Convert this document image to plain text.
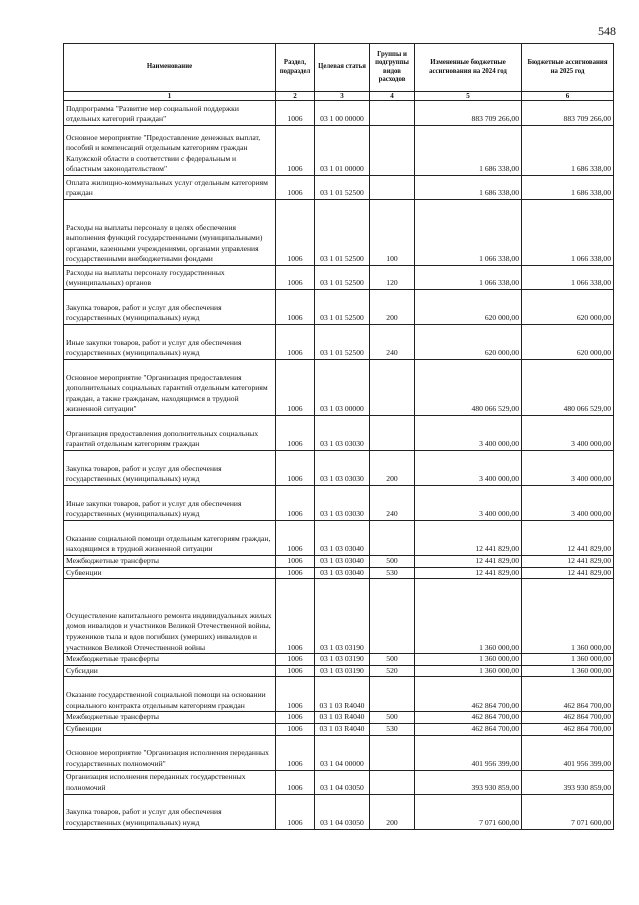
548
Наименование	Раздел, подраздел	Целевая статья	Группы и подгруппы видов расходов	Измененные бюджетные ассигнования на 2024 год	Бюджетные ассигнования на 2025 год
1	2	3	4	5	6
Подпрограмма "Развитие мер социальной поддержки отдельных категорий граждан"	1006	03 1 00 00000		883 709 266,00	883 709 266,00
Основное мероприятие "Предоставление денежных выплат, пособий и компенсаций отдельным категориям граждан Калужской области в соответствии с федеральным и областным законодательством"	1006	03 1 01 00000		1 686 338,00	1 686 338,00
Оплата жилищно-коммунальных услуг отдельным категориям граждан	1006	03 1 01 52500		1 686 338,00	1 686 338,00
Расходы на выплаты персоналу в целях обеспечения выполнения функций государственными (муниципальными) органами, казенными учреждениями, органами управления государственными внебюджетными фондами	1006	03 1 01 52500	100	1 066 338,00	1 066 338,00
Расходы на выплаты персоналу государственных (муниципальных) органов	1006	03 1 01 52500	120	1 066 338,00	1 066 338,00
Закупка товаров, работ и услуг для обеспечения государственных (муниципальных) нужд	1006	03 1 01 52500	200	620 000,00	620 000,00
Иные закупки товаров, работ и услуг для обеспечения государственных (муниципальных) нужд	1006	03 1 01 52500	240	620 000,00	620 000,00
Основное мероприятие "Организация предоставления дополнительных социальных гарантий отдельным категориям граждан, а также гражданам, находящимся в трудной жизненной ситуации"	1006	03 1 03 00000		480 066 529,00	480 066 529,00
Организация предоставления дополнительных социальных гарантий отдельным категориям граждан	1006	03 1 03 03030		3 400 000,00	3 400 000,00
Закупка товаров, работ и услуг для обеспечения государственных (муниципальных) нужд	1006	03 1 03 03030	200	3 400 000,00	3 400 000,00
Иные закупки товаров, работ и услуг для обеспечения государственных (муниципальных) нужд	1006	03 1 03 03030	240	3 400 000,00	3 400 000,00
Оказание социальной помощи отдельным категориям граждан, находящимся в трудной жизненной ситуации	1006	03 1 03 03040		12 441 829,00	12 441 829,00
Межбюджетные трансферты	1006	03 1 03 03040	500	12 441 829,00	12 441 829,00
Субвенции	1006	03 1 03 03040	530	12 441 829,00	12 441 829,00
Осуществление капитального ремонта индивидуальных жилых домов инвалидов и участников Великой Отечественной войны, тружеников тыла и вдов погибших (умерших) инвалидов и участников Великой Отечественной войны	1006	03 1 03 03190		1 360 000,00	1 360 000,00
Межбюджетные трансферты	1006	03 1 03 03190	500	1 360 000,00	1 360 000,00
Субсидии	1006	03 1 03 03190	520	1 360 000,00	1 360 000,00
Оказание государственной социальной помощи на основании социального контракта отдельным категориям граждан	1006	03 1 03 R4040		462 864 700,00	462 864 700,00
Межбюджетные трансферты	1006	03 1 03 R4040	500	462 864 700,00	462 864 700,00
Субвенции	1006	03 1 03 R4040	530	462 864 700,00	462 864 700,00
Основное мероприятие "Организация исполнения переданных государственных полномочий"	1006	03 1 04 00000		401 956 399,00	401 956 399,00
Организация исполнения переданных государственных полномочий	1006	03 1 04 03050		393 930 859,00	393 930 859,00
Закупка товаров, работ и услуг для обеспечения государственных (муниципальных) нужд	1006	03 1 04 03050	200	7 071 600,00	7 071 600,00
